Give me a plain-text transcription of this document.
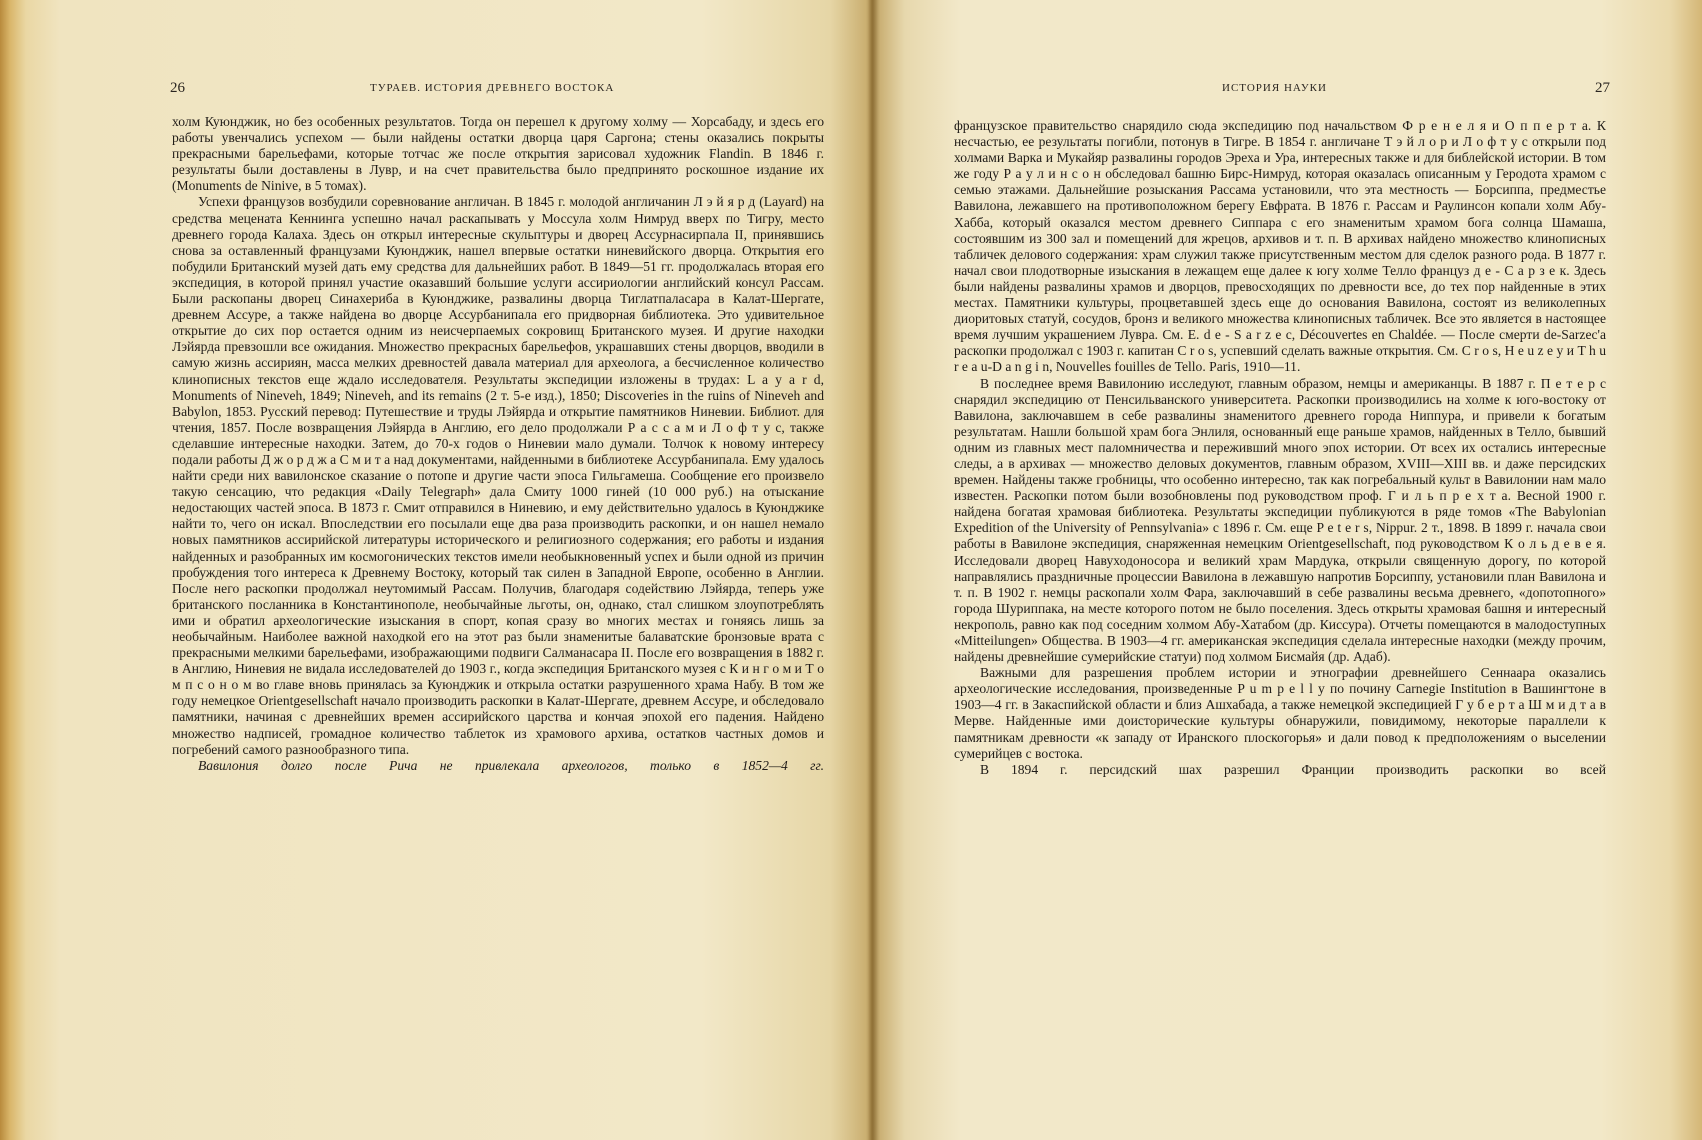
26	ТУРАЕВ. ИСТОРИЯ ДРЕВНЕГО ВОСТОКА

холм Куюнджик, но без особенных результатов. Тогда он перешел к другому холму — Хорсабаду, и здесь его работы увенчались успехом — были найдены остатки дворца царя Саргона; стены оказались покрыты прекрасными барельефами, которые тотчас же после открытия зарисовал художник Flandin. В 1846 г. результаты были доставлены в Лувр, и на счет правительства было предпринято роскошное издание их (Monuments de Ninive, в 5 томах).

Успехи французов возбудили соревнование англичан. В 1845 г. молодой англичанин Л э й я р д (Layard) на средства мецената Кеннинга успешно начал раскапывать у Моссула холм Нимруд вверх по Тигру, место древнего города Калаха. Здесь он открыл интересные скульптуры и дворец Ассурнасирпала II, принявшись снова за оставленный французами Куюнджик, нашел впервые остатки ниневийского дворца. Открытия его побудили Британский музей дать ему средства для дальнейших работ. В 1849—51 гг. продолжалась вторая его экспедиция, в которой принял участие оказавший большие услуги ассириологии английский консул Рассам. Были раскопаны дворец Синахериба в Куюнджике, развалины дворца Тиглатпаласара в Калат-Шергате, древнем Ассуре, а также найдена во дворце Ассурбанипала его придворная библиотека. Это удивительное открытие до сих пор остается одним из неисчерпаемых сокровищ Британского музея. И другие находки Лэйярда превзошли все ожидания. Множество прекрасных барельефов, украшавших стены дворцов, вводили в самую жизнь ассириян, масса мелких древностей давала материал для археолога, а бесчисленное количество клинописных текстов еще ждало исследователя. Результаты экспедиции изложены в трудах: L a y a r d, Monuments of Nineveh, 1849; Nineveh, and its remains (2 т. 5-е изд.), 1850; Discoveries in the ruins of Nineveh and Babylon, 1853. Русский перевод: Путешествие и труды Лэйярда и открытие памятников Ниневии. Библиот. для чтения, 1857. После возвращения Лэйярда в Англию, его дело продолжали Р а с с а м и Л о ф т у с, также сделавшие интересные находки. Затем, до 70-х годов о Ниневии мало думали. Толчок к новому интересу подали работы Д ж о р д ж а С м и т а над документами, найденными в библиотеке Ассурбанипала. Ему удалось найти среди них вавилонское сказание о потопе и другие части эпоса Гильгамеша. Сообщение его произвело такую сенсацию, что редакция «Daily Telegraph» дала Смиту 1000 гиней (10 000 руб.) на отыскание недостающих частей эпоса. В 1873 г. Смит отправился в Ниневию, и ему действительно удалось в Куюнджике найти то, чего он искал. Впоследствии его посылали еще два раза производить раскопки, и он нашел немало новых памятников ассирийской литературы исторического и религиозного содержания; его работы и издания найденных и разобранных им космогонических текстов имели необыкновенный успех и были одной из причин пробуждения того интереса к Древнему Востоку, который так силен в Западной Европе, особенно в Англии. После него раскопки продолжал неутомимый Рассам. Получив, благодаря содействию Лэйярда, теперь уже британского посланника в Константинополе, необычайные льготы, он, однако, стал слишком злоупотреблять ими и обратил археологические изыскания в спорт, копая сразу во многих местах и гоняясь лишь за необычайным. Наиболее важной находкой его на этот раз были знаменитые балаватские бронзовые врата с прекрасными мелкими барельефами, изображающими подвиги Салманасара II. После его возвращения в 1882 г. в Англию, Ниневия не видала исследователей до 1903 г., когда экспедиция Британского музея с К и н г о м и Т о м п с о н о м во главе вновь принялась за Куюнджик и открыла остатки разрушенного храма Набу. В том же году немецкое Orientgesellschaft начало производить раскопки в Калат-Шергате, древнем Ассуре, и обследовало памятники, начиная с древнейших времен ассирийского царства и кончая эпохой его падения. Найдено множество надписей, громадное количество таблеток из храмового архива, остатков частных домов и погребений самого разнообразного типа.

Вавилония долго после Рича не привлекала археологов, только в 1852—4 гг.

ИСТОРИЯ НАУКИ	27

французское правительство снарядило сюда экспедицию под начальством Ф р е н е л я и О п п е р т а. К несчастью, ее результаты погибли, потонув в Тигре. В 1854 г. англичане Т э й л о р и Л о ф т у с открыли под холмами Варка и Мукайяр развалины городов Эреха и Ура, интересных также и для библейской истории. В том же году Р а у л и н с о н обследовал башню Бирс-Нимруд, которая оказалась описанным у Геродота храмом с семью этажами. Дальнейшие розыскания Рассама установили, что эта местность — Борсиппа, предместье Вавилона, лежавшего на противоположном берегу Евфрата. В 1876 г. Рассам и Раулинсон копали холм Абу-Хабба, который оказался местом древнего Сиппара с его знаменитым храмом бога солнца Шамаша, состоявшим из 300 зал и помещений для жрецов, архивов и т. п. В архивах найдено множество клинописных табличек делового содержания: храм служил также присутственным местом для сделок разного рода. В 1877 г. начал свои плодотворные изыскания в лежащем еще далее к югу холме Телло француз д е - С а р з е к. Здесь были найдены развалины храмов и дворцов, превосходящих по древности все, до тех пор найденные в этих местах. Памятники культуры, процветавшей здесь еще до основания Вавилона, состоят из великолепных диоритовых статуй, сосудов, бронз и великого множества клинописных табличек. Все это является в настоящее время лучшим украшением Лувра. См. E. d e - S a r z e c, Découvertes en Chaldée. — После смерти de-Sarzec'а раскопки продолжал с 1903 г. капитан C r o s, успевший сделать важные открытия. См. C r o s, H e u z e y и T h u r e a u-D a n g i n, Nouvelles fouilles de Tello. Paris, 1910—11.

В последнее время Вавилонию исследуют, главным образом, немцы и американцы. В 1887 г. П е т е р с снарядил экспедицию от Пенсильванского университета. Раскопки производились на холме к юго-востоку от Вавилона, заключавшем в себе развалины знаменитого древнего города Ниппура, и привели к богатым результатам. Нашли большой храм бога Энлиля, основанный еще раньше храмов, найденных в Телло, бывший одним из главных мест паломничества и переживший много эпох истории. От всех их остались интересные следы, а в архивах — множество деловых документов, главным образом, XVIII—XIII вв. и даже персидских времен. Найдены также гробницы, что особенно интересно, так как погребальный культ в Вавилонии нам мало известен. Раскопки потом были возобновлены под руководством проф. Г и л ь п р е х т а. Весной 1900 г. найдена богатая храмовая библиотека. Результаты экспедиции публикуются в ряде томов «The Babylonian Expedition of the University of Pennsylvania» с 1896 г. См. еще P e t e r s, Nippur. 2 т., 1898. В 1899 г. начала свои работы в Вавилоне экспедиция, снаряженная немецким Orientgesellschaft, под руководством К о л ь д е в е я. Исследовали дворец Навуходоносора и великий храм Мардука, открыли священную дорогу, по которой направлялись праздничные процессии Вавилона в лежавшую напротив Борсиппу, установили план Вавилона и т. п. В 1902 г. немцы раскопали холм Фара, заключавший в себе развалины весьма древнего, «допотопного» города Шуриппака, на месте которого потом не было поселения. Здесь открыты храмовая башня и интересный некрополь, равно как под соседним холмом Абу-Хатабом (др. Киссура). Отчеты помещаются в малодоступных «Mitteilungen» Общества. В 1903—4 гг. американская экспедиция сделала интересные находки (между прочим, найдены древнейшие сумерийские статуи) под холмом Бисмайя (др. Адаб).

Важными для разрешения проблем истории и этнографии древнейшего Сеннаара оказались археологические исследования, произведенные P u m p e l l y по почину Carnegie Institution в Вашингтоне в 1903—4 гг. в Закаспийской области и близ Ашхабада, а также немецкой экспедицией Г у б е р т а Ш м и д т а в Мерве. Найденные ими доисторические культуры обнаружили, повидимому, некоторые параллели к памятникам древности «к западу от Иранского плоскогорья» и дали повод к предположениям о выселении сумерийцев с востока.

В 1894 г. персидский шах разрешил Франции производить раскопки во всей
